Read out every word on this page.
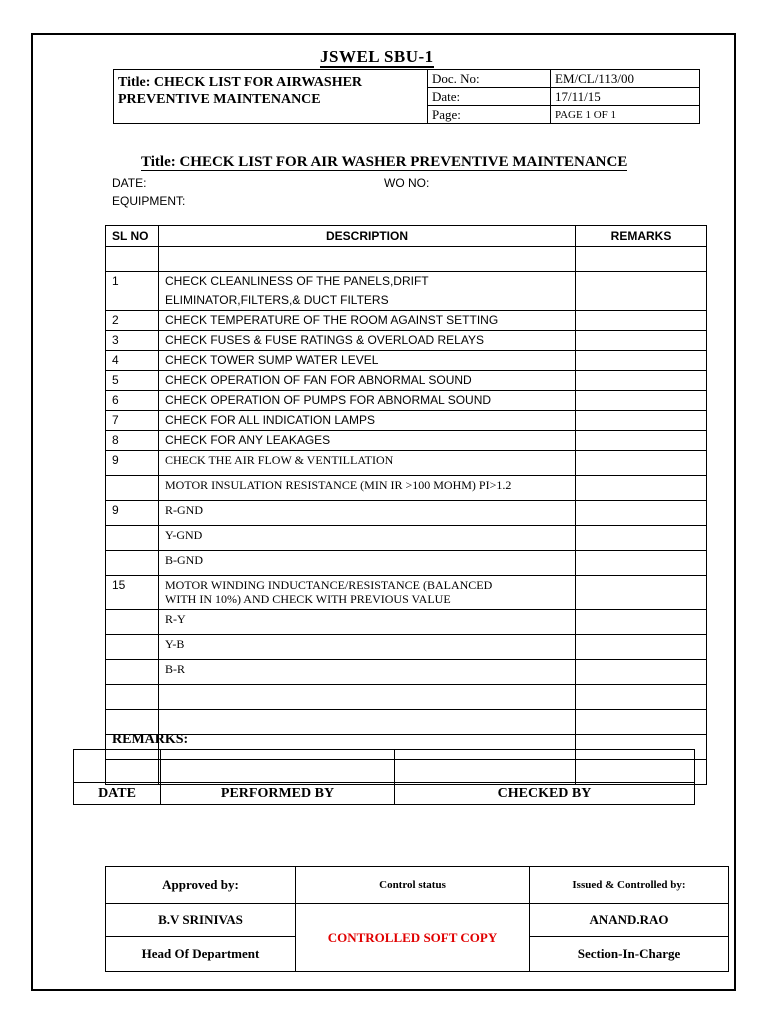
JSWEL SBU-1
Title: CHECK LIST FOR AIRWASHER PREVENTIVE MAINTENANCE	Doc. No:	EM/CL/113/00
	Date:	17/11/15
	Page:	PAGE 1 OF 1
Title: CHECK LIST FOR AIR WASHER PREVENTIVE MAINTENANCE
DATE:	WO NO:
EQUIPMENT:
SL NO	DESCRIPTION	REMARKS

1	CHECK CLEANLINESS OF THE PANELS,DRIFT
ELIMINATOR,FILTERS,& DUCT FILTERS	

2	CHECK TEMPERATURE OF THE ROOM AGAINST SETTING	

3	CHECK FUSES & FUSE RATINGS & OVERLOAD RELAYS	

4	CHECK TOWER SUMP WATER LEVEL	

5	CHECK OPERATION OF FAN FOR ABNORMAL SOUND	

6	CHECK OPERATION OF PUMPS FOR ABNORMAL SOUND	

7	CHECK FOR ALL INDICATION LAMPS	

8	CHECK FOR ANY LEAKAGES	

9	CHECK THE AIR FLOW & VENTILLATION	

	MOTOR INSULATION RESISTANCE (MIN IR >100 MOHM) PI>1.2	

9	R-GND	

	Y-GND	

	B-GND	

15	MOTOR WINDING INDUCTANCE/RESISTANCE (BALANCED
WITH IN 10%) AND CHECK WITH PREVIOUS VALUE	

	R-Y	

	Y-B	

	B-R	

REMARKS:

DATE	PERFORMED BY	CHECKED BY
Approved by:	Control status	Issued & Controlled by:
B.V SRINIVAS	CONTROLLED SOFT COPY	ANAND.RAO
Head Of Department		Section-In-Charge
